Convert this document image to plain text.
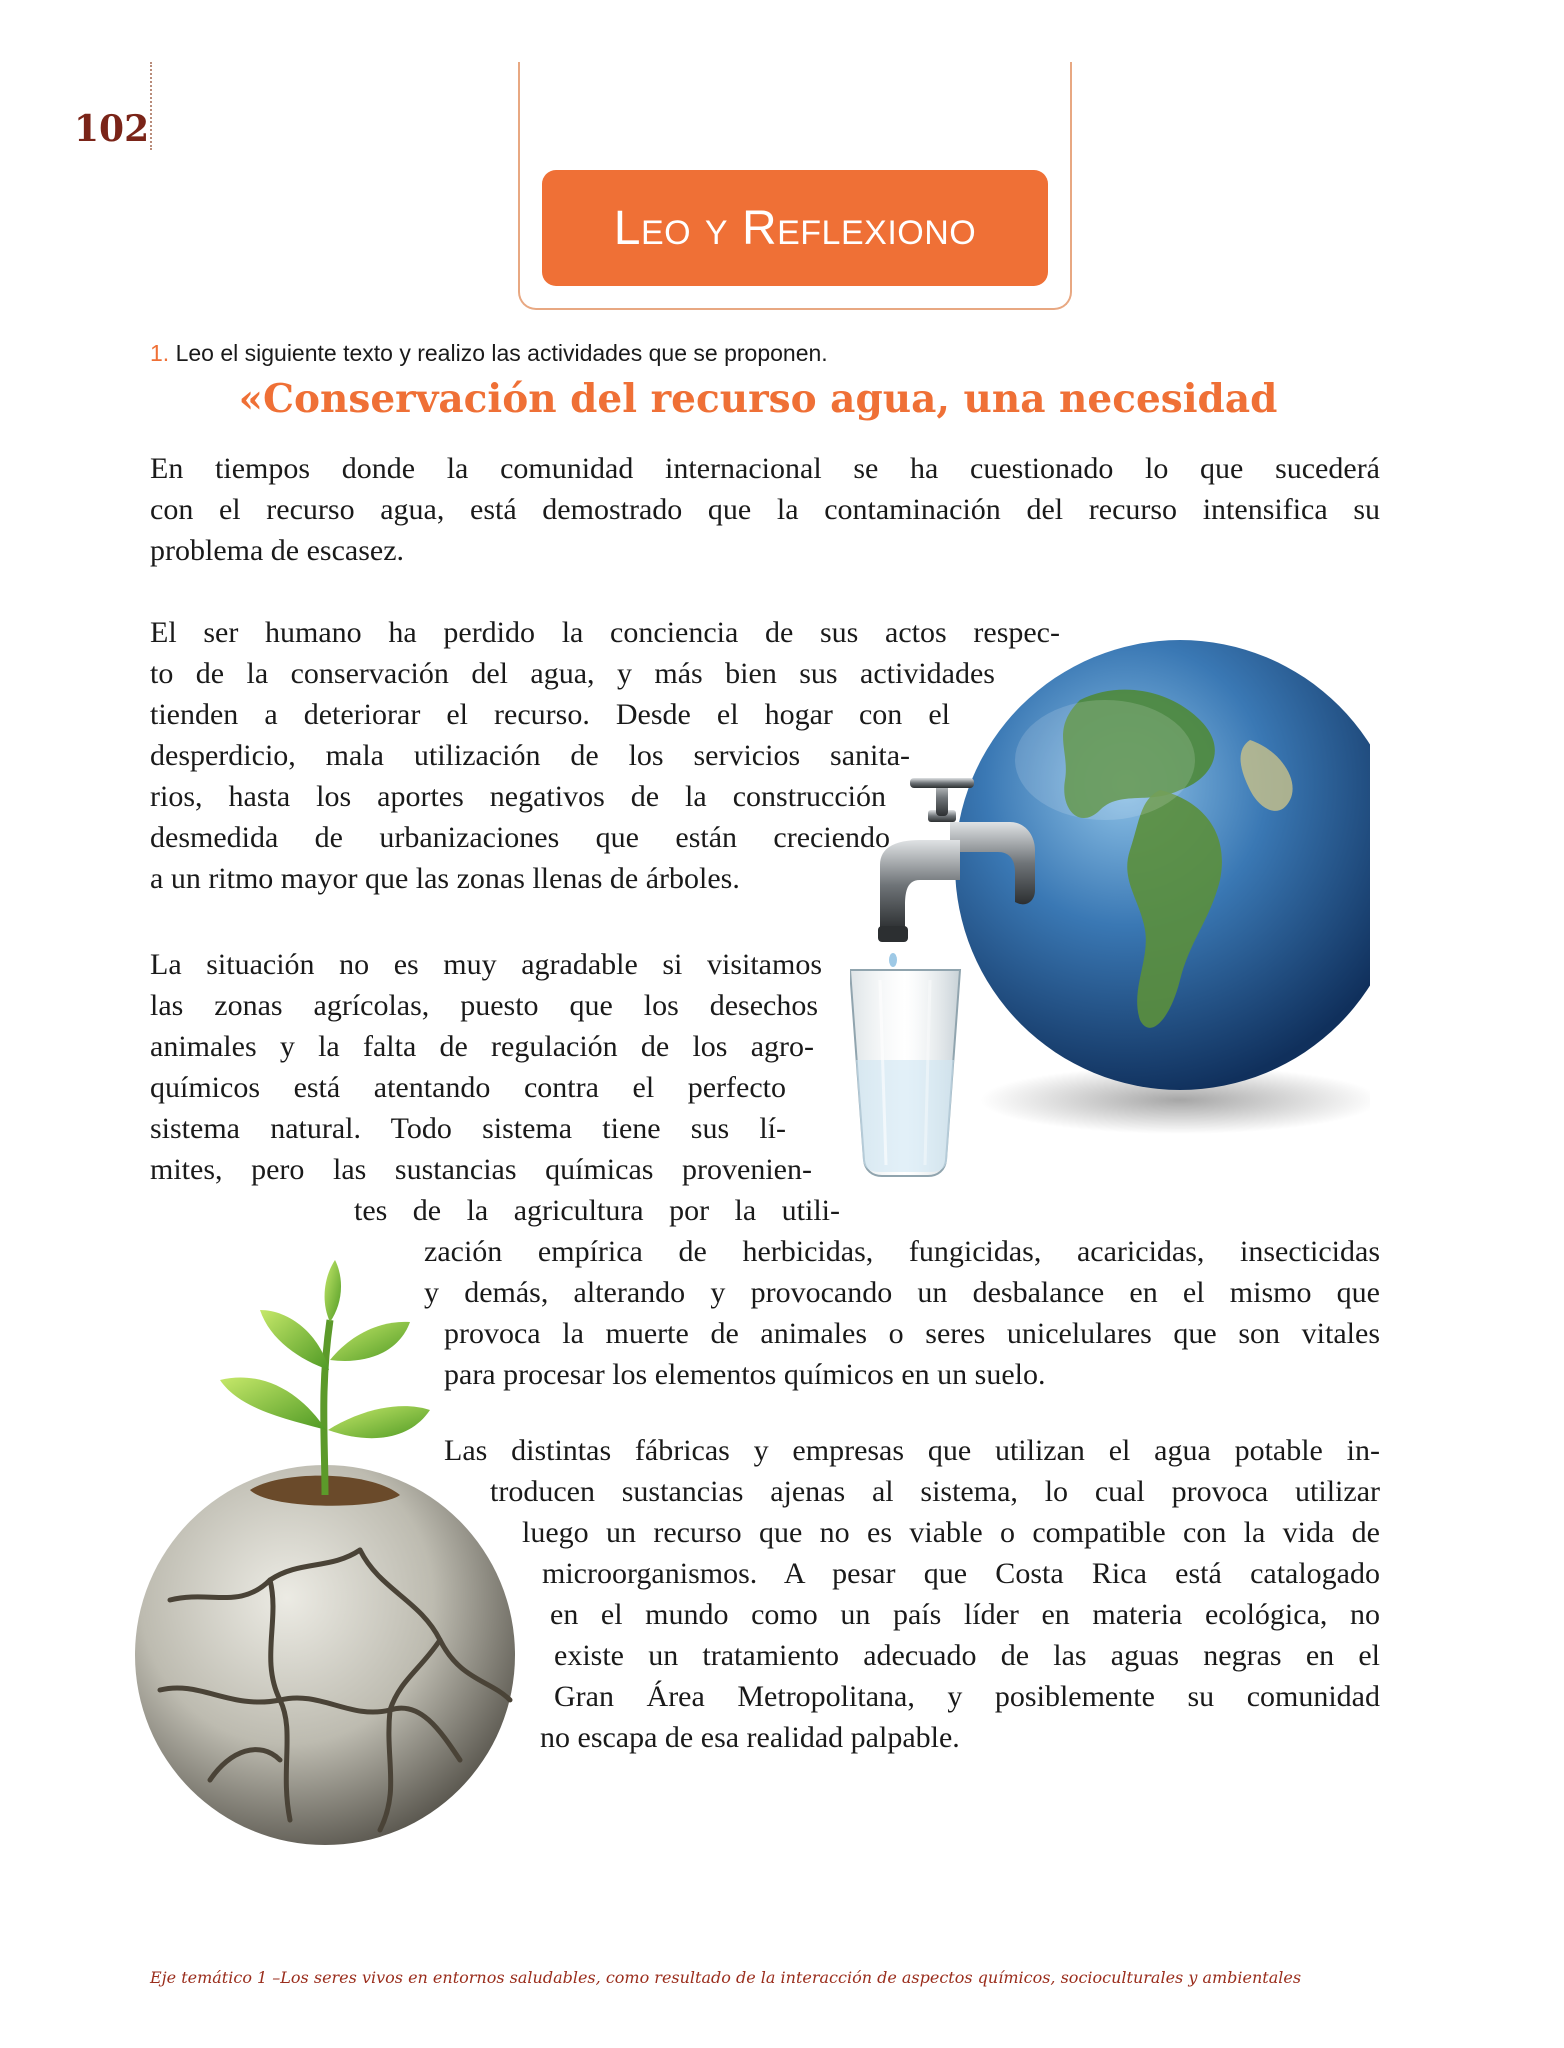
102
Leo y Reflexiono
1. Leo el siguiente texto y realizo las actividades que se proponen.
«Conservación del recurso agua, una necesidad

En tiempos donde la comunidad internacional se ha cuestionado lo que sucederá
con el recurso agua, está demostrado que la contaminación del recurso intensifica su
problema de escasez.

El ser humano ha perdido la conciencia de sus actos respec-
to de la conservación del agua, y más bien sus actividades
tienden a deteriorar el recurso. Desde el hogar con el
desperdicio, mala utilización de los servicios sanita-
rios, hasta los aportes negativos de la construcción
desmedida de urbanizaciones que están creciendo
a un ritmo mayor que las zonas llenas de árboles.
La situación no es muy agradable si visitamos
las zonas agrícolas, puesto que los desechos
animales y la falta de regulación de los agro-
químicos está atentando contra el perfecto
sistema natural. Todo sistema tiene sus lí-
mites, pero las sustancias químicas provenien-
tes de la agricultura por la utili-
zación empírica de herbicidas, fungicidas, acaricidas, insecticidas
y demás, alterando y provocando un desbalance en el mismo que
provoca la muerte de animales o seres unicelulares que son vitales
para procesar los elementos químicos en un suelo.
Las distintas fábricas y empresas que utilizan el agua potable in-
troducen sustancias ajenas al sistema, lo cual provoca utilizar
luego un recurso que no es viable o compatible con la vida de
microorganismos. A pesar que Costa Rica está catalogado
en el mundo como un país líder en materia ecológica, no
existe un tratamiento adecuado de las aguas negras en el
Gran Área Metropolitana, y posiblemente su comunidad
no escapa de esa realidad palpable.
Eje temático 1 –Los seres vivos en entornos saludables, como resultado de la interacción de aspectos químicos, socioculturales y ambientales
